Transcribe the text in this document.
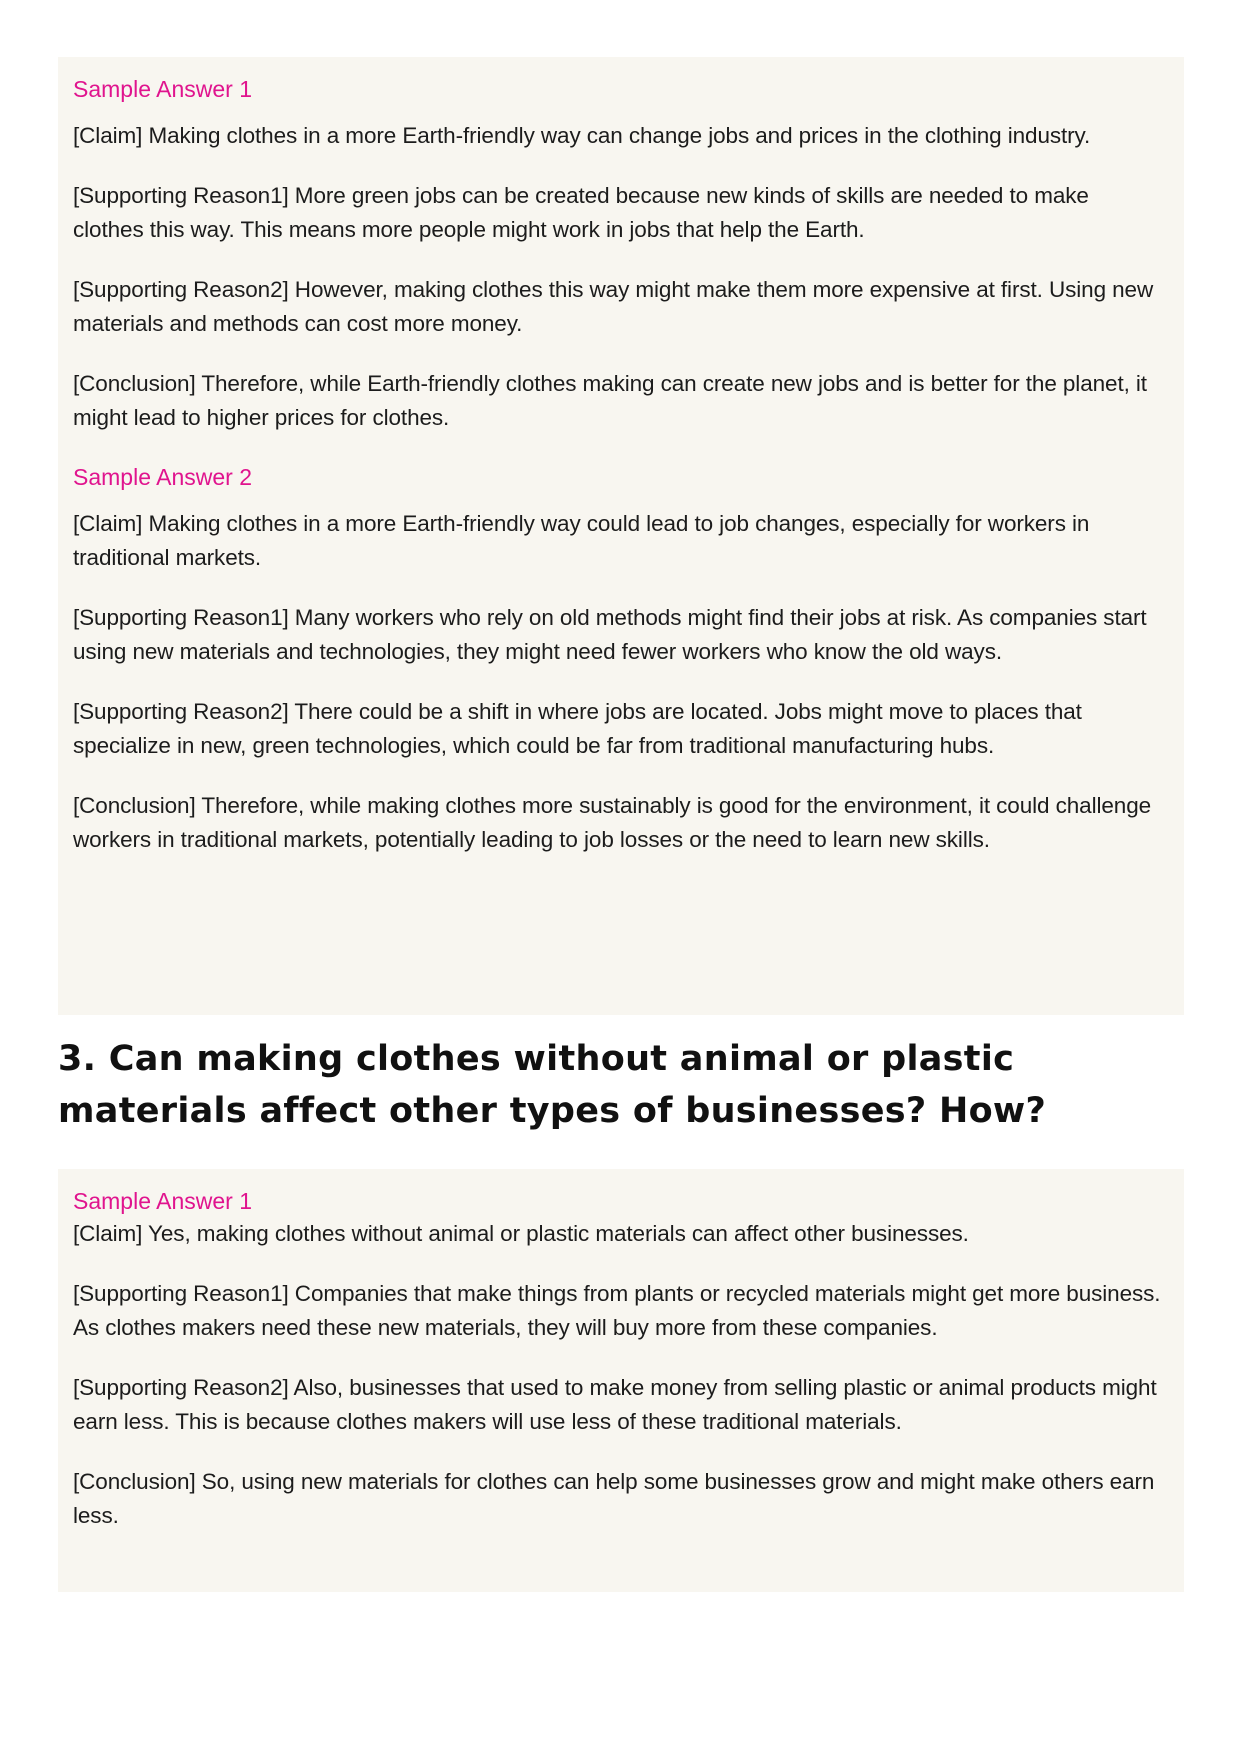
Sample Answer 1

[Claim] Making clothes in a more Earth-friendly way can change jobs and prices in the clothing industry.

[Supporting Reason1] More green jobs can be created because new kinds of skills are needed to make clothes this way. This means more people might work in jobs that help the Earth.

[Supporting Reason2] However, making clothes this way might make them more expensive at first. Using new materials and methods can cost more money.

[Conclusion] Therefore, while Earth-friendly clothes making can create new jobs and is better for the planet, it might lead to higher prices for clothes.

Sample Answer 2

[Claim] Making clothes in a more Earth-friendly way could lead to job changes, especially for workers in traditional markets.

[Supporting Reason1] Many workers who rely on old methods might find their jobs at risk. As companies start using new materials and technologies, they might need fewer workers who know the old ways.

[Supporting Reason2] There could be a shift in where jobs are located. Jobs might move to places that specialize in new, green technologies, which could be far from traditional manufacturing hubs.

[Conclusion] Therefore, while making clothes more sustainably is good for the environment, it could challenge workers in traditional markets, potentially leading to job losses or the need to learn new skills.

3. Can making clothes without animal or plastic materials affect other types of businesses? How?
Sample Answer 1

[Claim] Yes, making clothes without animal or plastic materials can affect other businesses.

[Supporting Reason1] Companies that make things from plants or recycled materials might get more business. As clothes makers need these new materials, they will buy more from these companies.

[Supporting Reason2] Also, businesses that used to make money from selling plastic or animal products might earn less. This is because clothes makers will use less of these traditional materials.

[Conclusion] So, using new materials for clothes can help some businesses grow and might make others earn less.
